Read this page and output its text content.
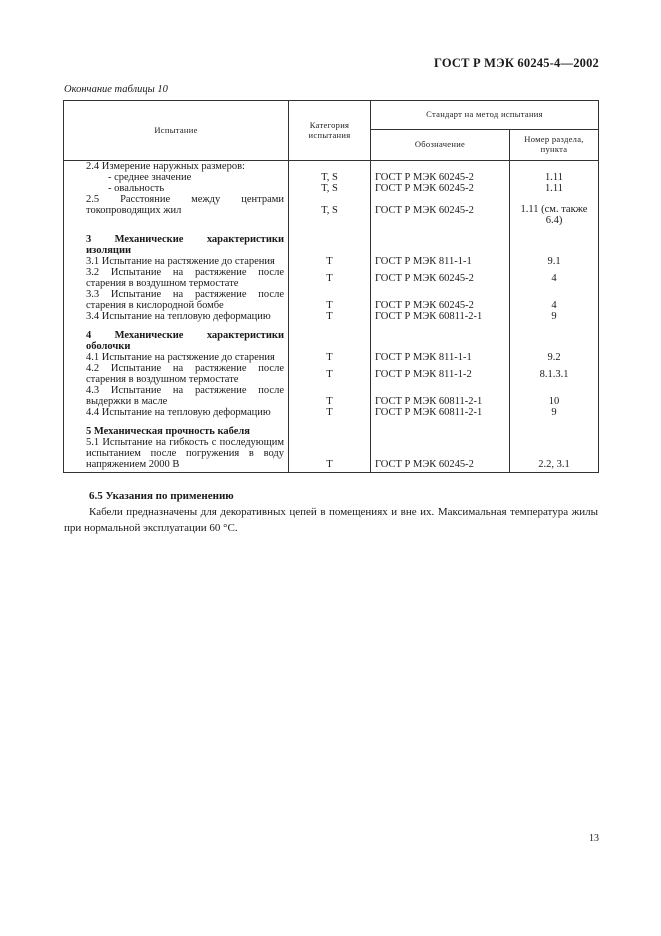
ГОСТ Р МЭК 60245-4—2002
Окончание таблицы 10
Испытание	Категория испытания	Стандарт на метод испытания	
		Обозначение	Номер раздела, пункта

2.4 Измерение наружных размеров:			

- среднее значение	T, S	ГОСТ Р МЭК 60245-2	1.11

- овальность	T, S	ГОСТ Р МЭК 60245-2	1.11
2.5 Расстояние между центрами токопроводящих жил	T, S	ГОСТ Р МЭК 60245-2	1.11 (см. также 6.4)

3 Механические характеристики изоляции			
3.1 Испытание на растяжение до старения	T	ГОСТ Р МЭК 811-1-1	9.1
3.2 Испытание на растяжение после старения в воздушном термостате	T	ГОСТ Р МЭК 60245-2	4
3.3 Испытание на растяжение после старения в кислородной бомбе	T	ГОСТ Р МЭК 60245-2	4
3.4 Испытание на тепловую деформацию	T	ГОСТ Р МЭК 60811-2-1	9

4 Механические характеристики оболочки			
4.1 Испытание на растяжение до старения	T	ГОСТ Р МЭК 811-1-1	9.2
4.2 Испытание на растяжение после старения в воздушном термостате	T	ГОСТ Р МЭК 811-1-2	8.1.3.1
4.3 Испытание на растяжение после выдержки в масле	T	ГОСТ Р МЭК 60811-2-1	10
4.4 Испытание на тепловую деформацию	T	ГОСТ Р МЭК 60811-2-1	9

5 Механическая прочность кабеля			
5.1 Испытание на гибкость с последующим испытанием после погружения в воду напряжением 2000 В	T	ГОСТ Р МЭК 60245-2	2.2, 3.1
6.5 Указания по применению
Кабели предназначены для декоративных цепей в помещениях и вне их. Максимальная температура жилы при нормальной эксплуатации 60 °С.
13
